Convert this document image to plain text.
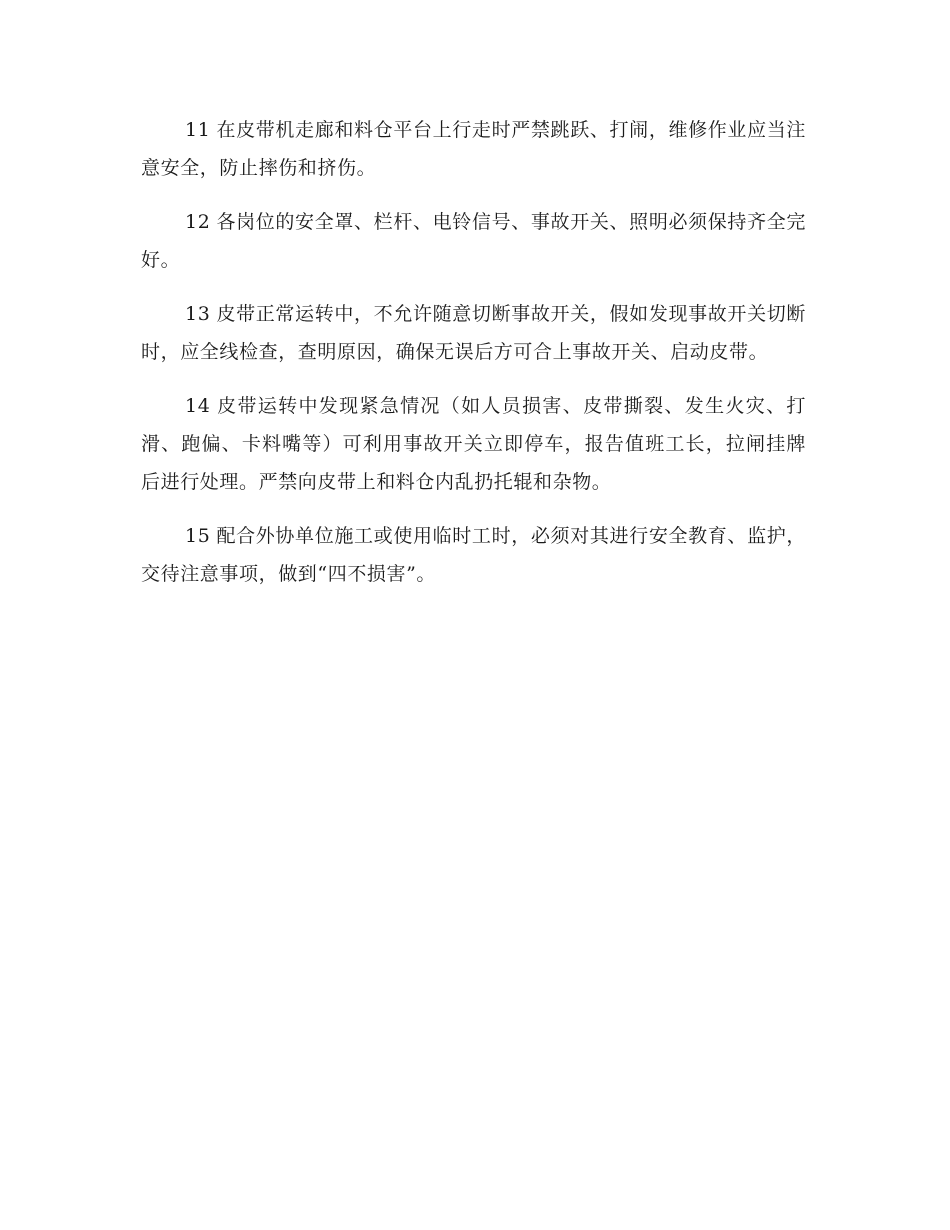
11 在皮带机走廊和料仓平台上行走时严禁跳跃、打闹，维修作业应当注意安全，防止摔伤和挤伤。

12 各岗位的安全罩、栏杆、电铃信号、事故开关、照明必须保持齐全完好。

13 皮带正常运转中，不允许随意切断事故开关，假如发现事故开关切断时，应全线检查，查明原因，确保无误后方可合上事故开关、启动皮带。

14 皮带运转中发现紧急情况（如人员损害、皮带撕裂、发生火灾、打滑、跑偏、卡料嘴等）可利用事故开关立即停车，报告值班工长，拉闸挂牌后进行处理。严禁向皮带上和料仓内乱扔托辊和杂物。

15 配合外协单位施工或使用临时工时，必须对其进行安全教育、监护，交待注意事项，做到“四不损害”。
